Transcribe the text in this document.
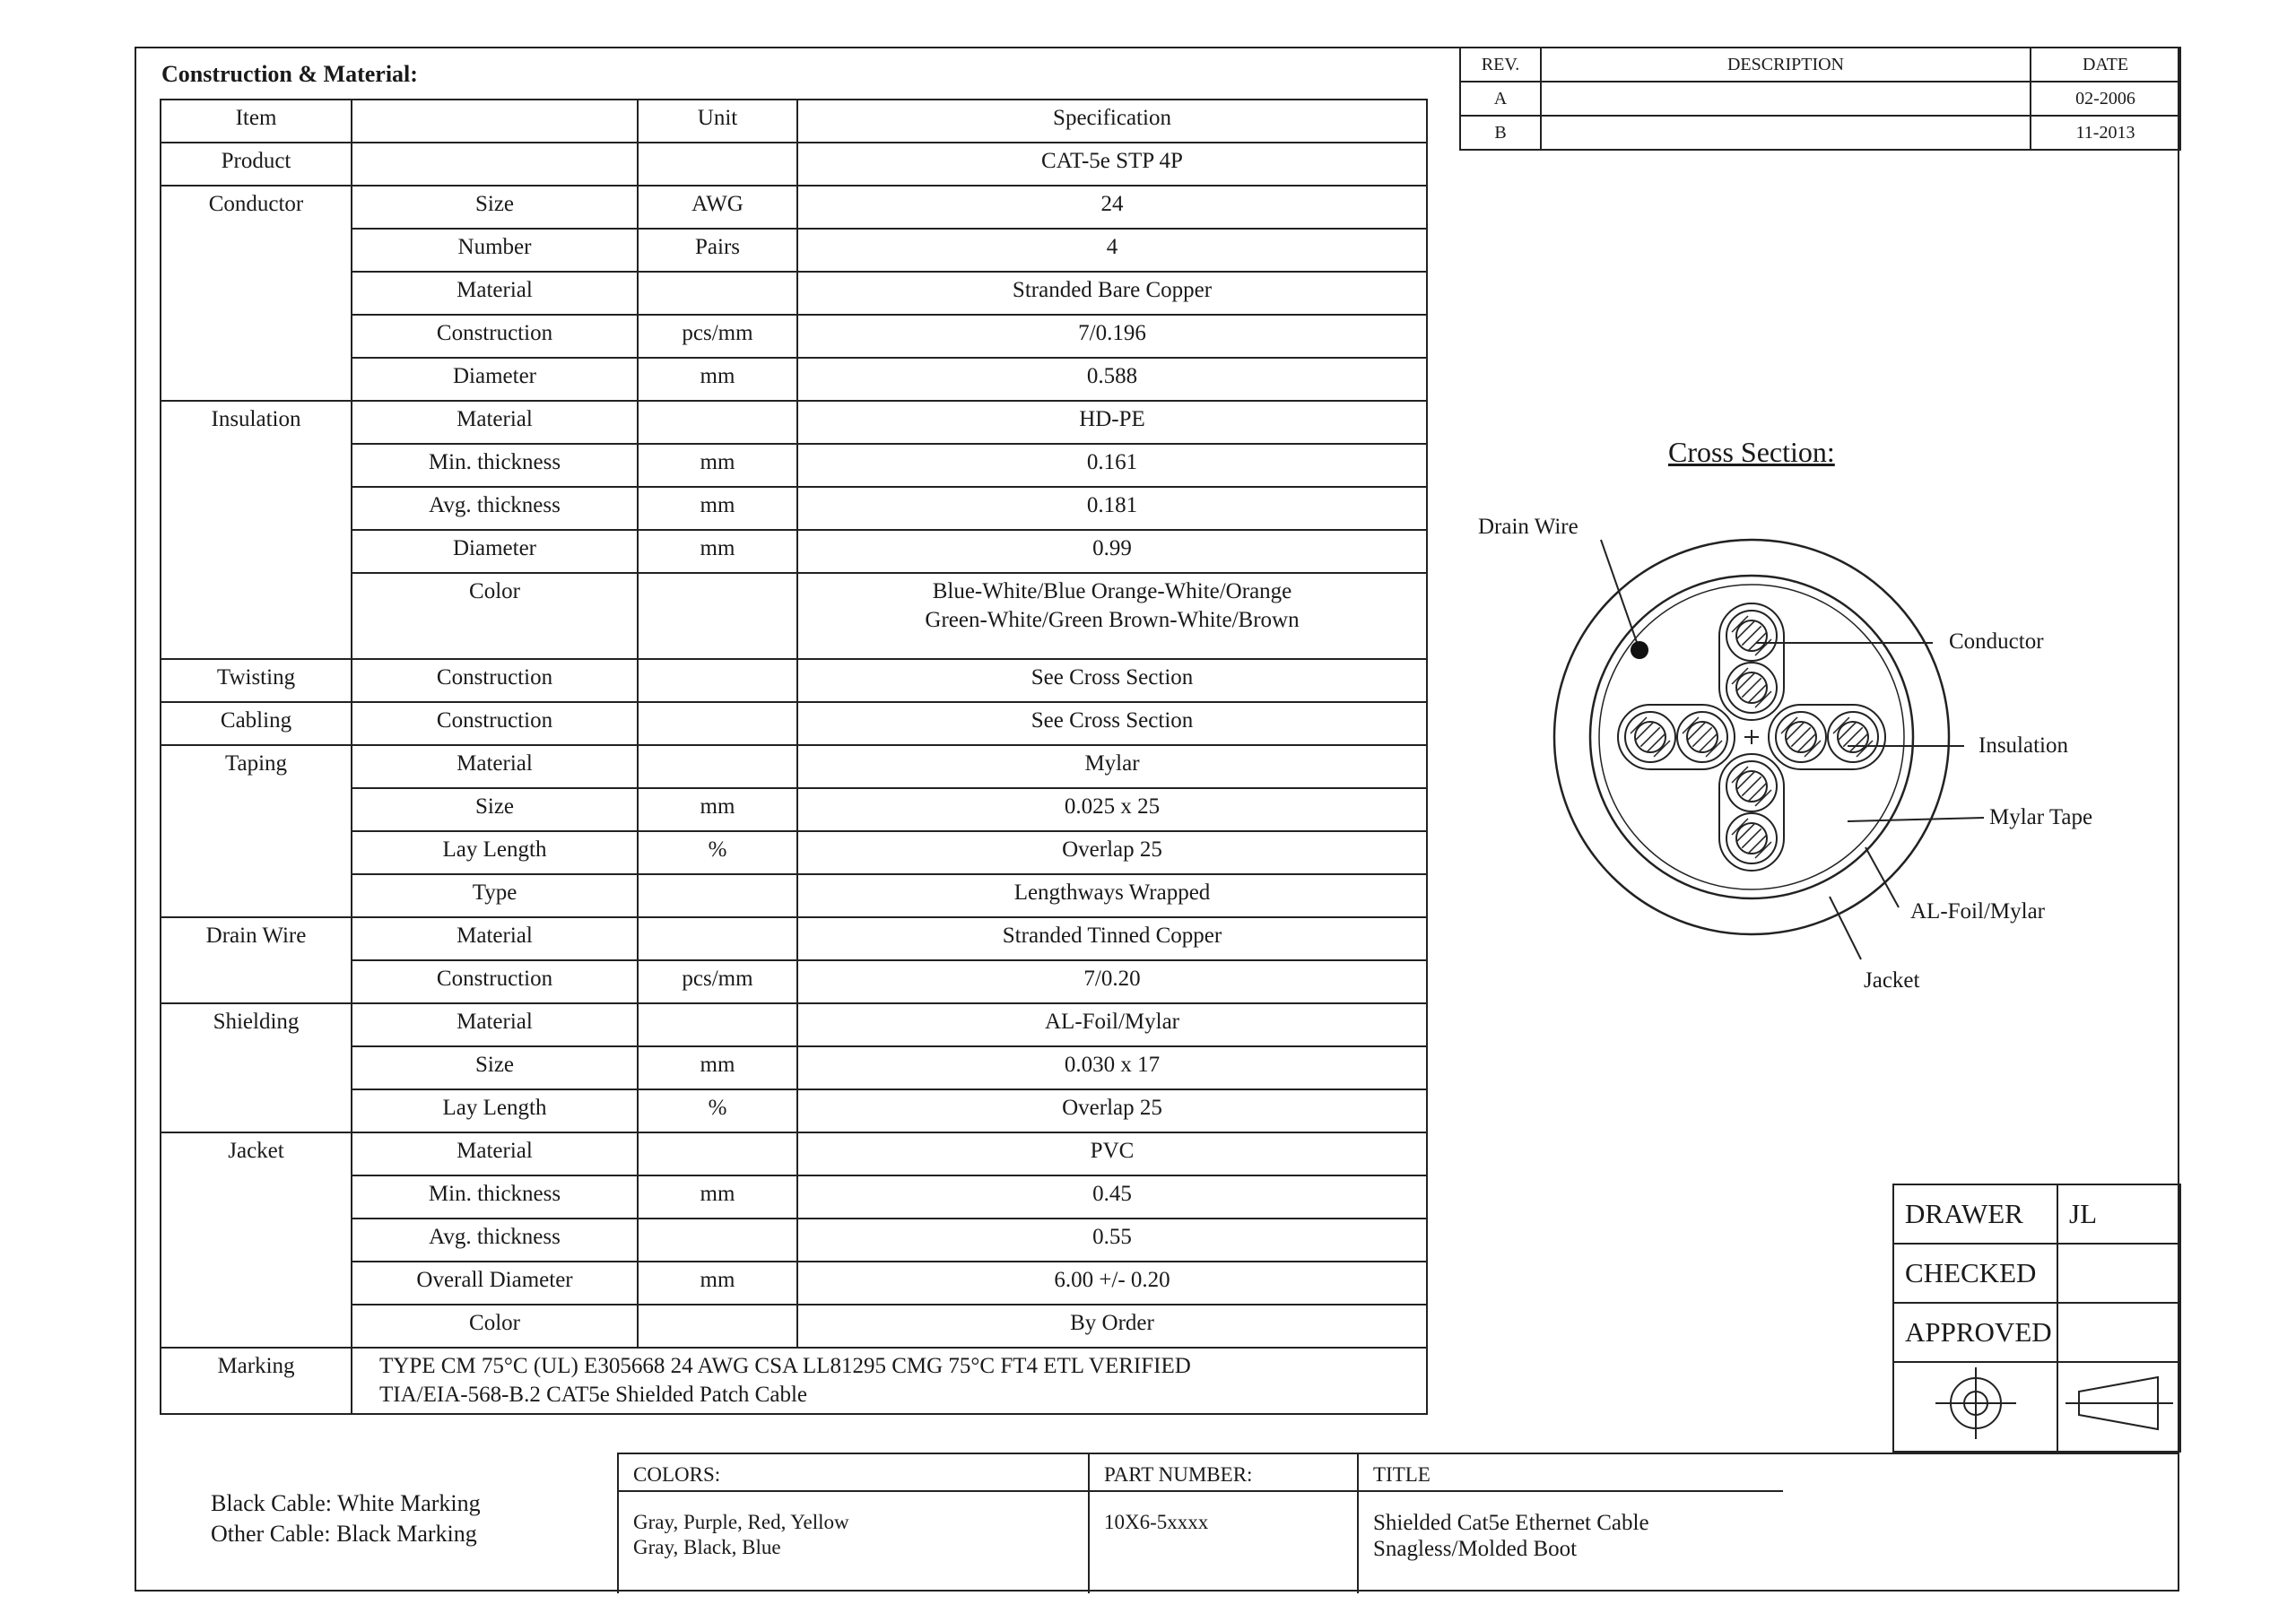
Construction & Material:
Item		Unit	Specification
Product			CAT-5e STP 4P
Conductor	Size	AWG	24
	Number	Pairs	4
	Material		Stranded Bare Copper
	Construction	pcs/mm	7/0.196
	Diameter	mm	0.588
Insulation	Material		HD-PE
	Min. thickness	mm	0.161
	Avg. thickness	mm	0.181
	Diameter	mm	0.99
	Color		Blue-White/Blue Orange-White/Orange
Green-White/Green Brown-White/Brown
Twisting	Construction		See Cross Section
Cabling	Construction		See Cross Section
Taping	Material		Mylar
	Size	mm	0.025 x 25
	Lay Length	%	Overlap 25
	Type		Lengthways Wrapped
Drain Wire	Material		Stranded Tinned Copper
	Construction	pcs/mm	7/0.20
Shielding	Material		AL-Foil/Mylar
	Size	mm	0.030 x 17
	Lay Length	%	Overlap 25
Jacket	Material		PVC
	Min. thickness	mm	0.45
	Avg. thickness		0.55
	Overall Diameter	mm	6.00 +/- 0.20
	Color		By Order
Marking	TYPE CM 75°C (UL) E305668 24 AWG CSA LL81295 CMG 75°C FT4 ETL VERIFIED
TIA/EIA-568-B.2 CAT5e Shielded Patch Cable		
REV.	DESCRIPTION	DATE
A		02-2006
B		11-2013
Cross Section:
Drain Wire
Conductor
Insulation
Mylar Tape
AL-Foil/Mylar
Jacket
DRAWER	JL
CHECKED	
APPROVED	

COLORS:
Gray, Purple, Red, Yellow
Gray, Black, Blue
PART NUMBER:
10X6-5xxxx
TITLE
Shielded Cat5e Ethernet Cable
Snagless/Molded Boot
Black Cable: White Marking
Other Cable: Black Marking
